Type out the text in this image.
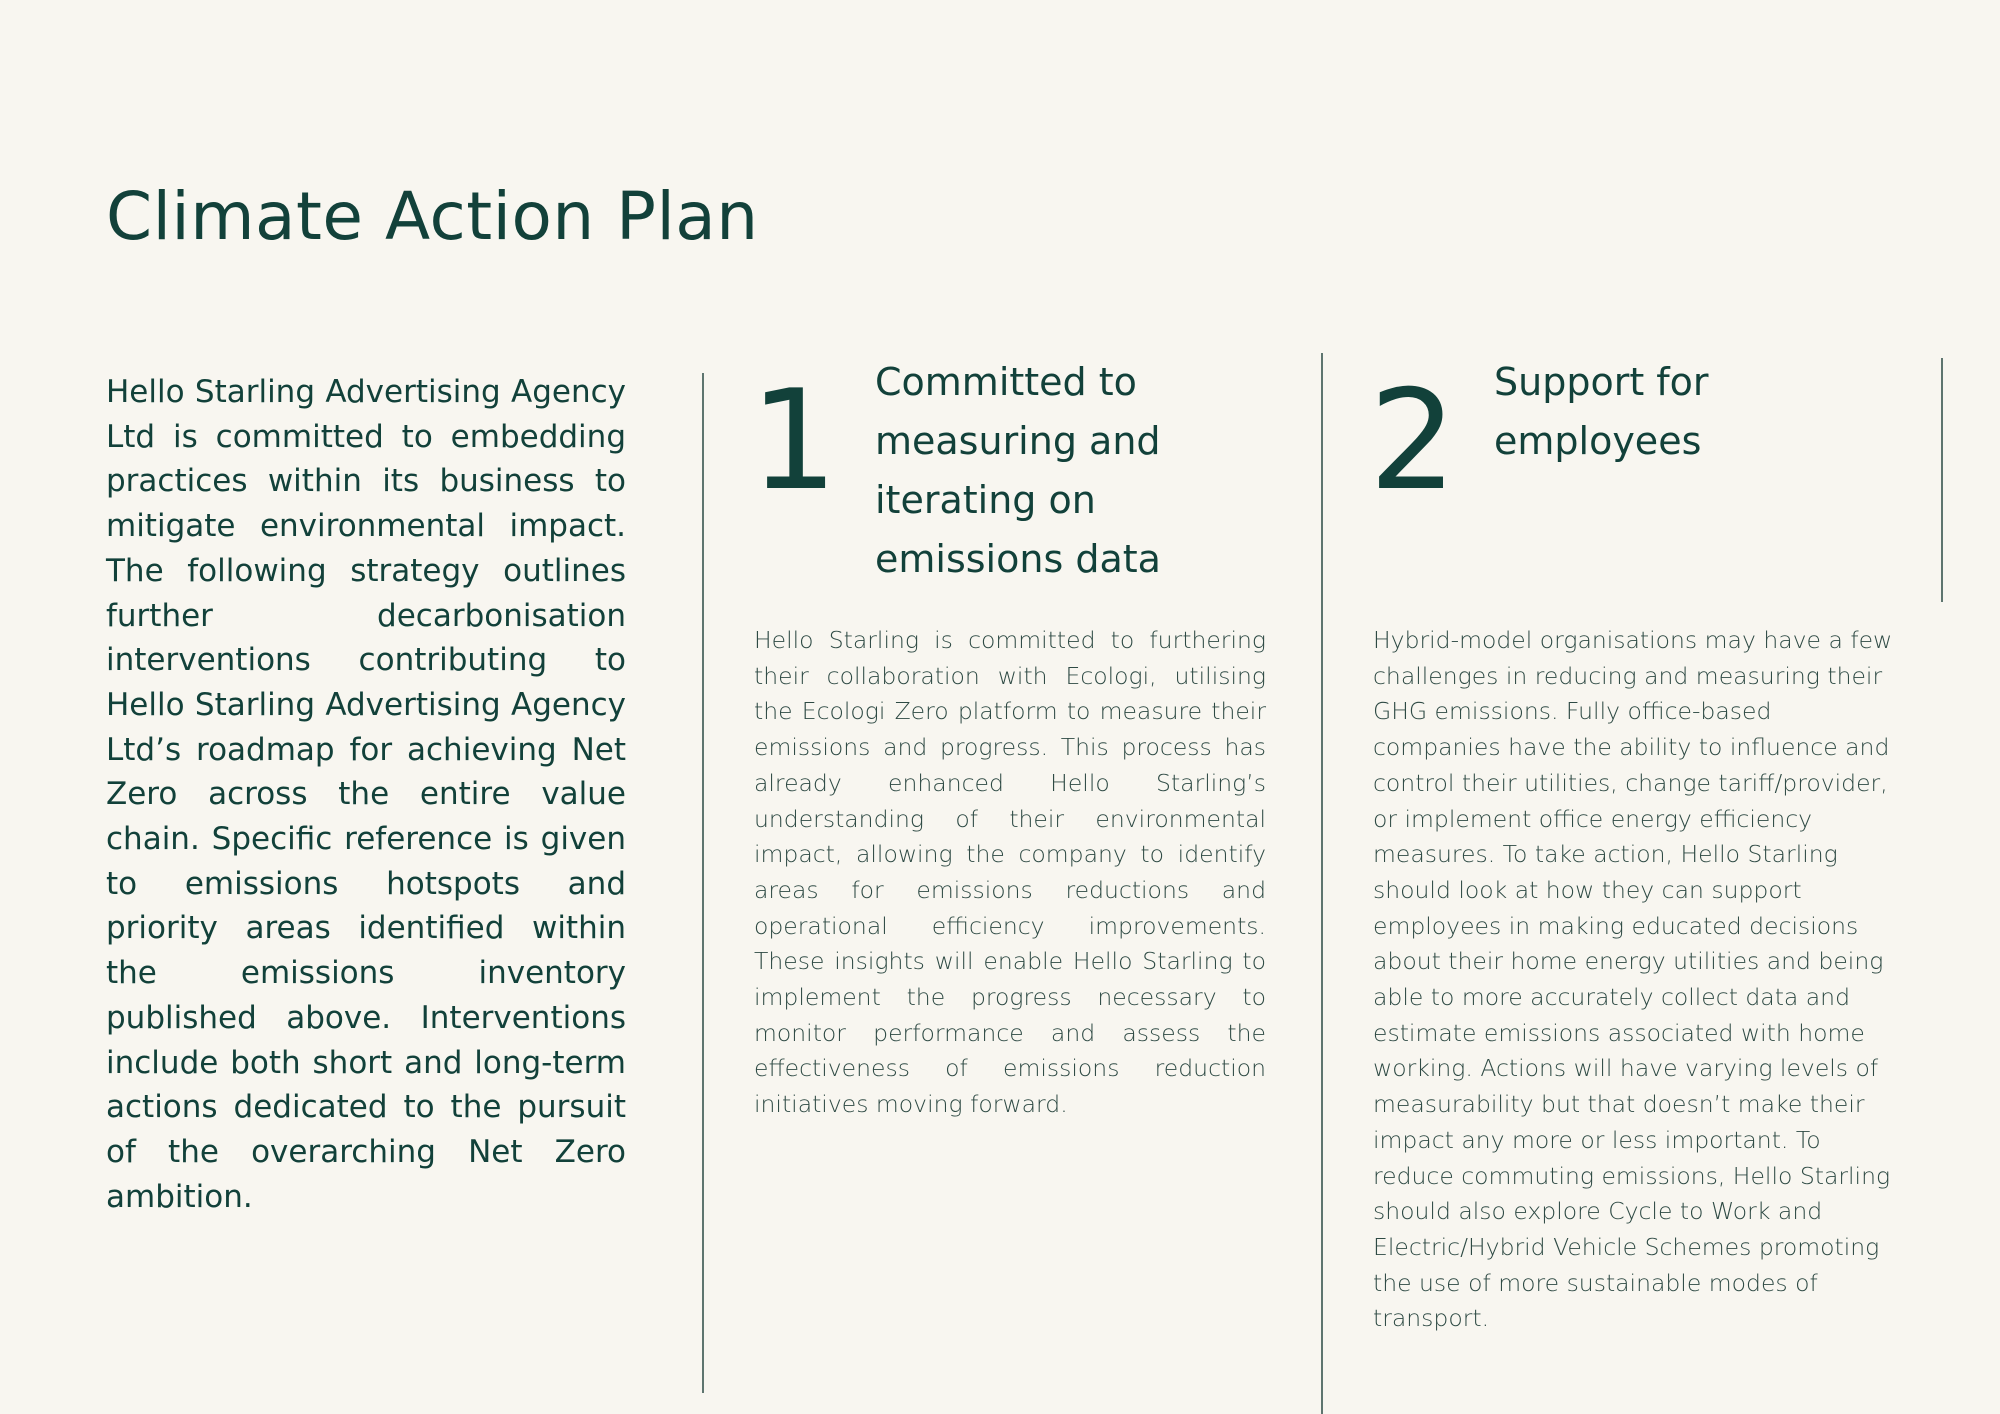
Climate Action Plan

Hello Starling Advertising Agency Ltd is committed to embedding practices within its business to mitigate environmental impact. The following strategy outlines further decarbonisation interventions contributing to Hello Starling Advertising Agency Ltd’s roadmap for achieving Net Zero across the entire value chain. Specific reference is given to emissions hotspots and priority areas identified within the emissions inventory published above. Interventions include both short and long-term actions dedicated to the pursuit of the overarching Net Zero ambition.

1 Committed to measuring and iterating on emissions data

Hello Starling is committed to furthering their collaboration with Ecologi, utilising the Ecologi Zero platform to measure their emissions and progress. This process has already enhanced Hello Starling’s understanding of their environmental impact, allowing the company to identify areas for emissions reductions and operational efficiency improvements. These insights will enable Hello Starling to implement the progress necessary to monitor performance and assess the effectiveness of emissions reduction initiatives moving forward.

2 Support for employees

Hybrid-model organisations may have a few challenges in reducing and measuring their GHG emissions. Fully office-based companies have the ability to influence and control their utilities, change tariff/provider, or implement office energy efficiency measures. To take action, Hello Starling should look at how they can support employees in making educated decisions about their home energy utilities and being able to more accurately collect data and estimate emissions associated with home working. Actions will have varying levels of measurability but that doesn’t make their impact any more or less important. To reduce commuting emissions, Hello Starling should also explore Cycle to Work and Electric/Hybrid Vehicle Schemes promoting the use of more sustainable modes of transport.
